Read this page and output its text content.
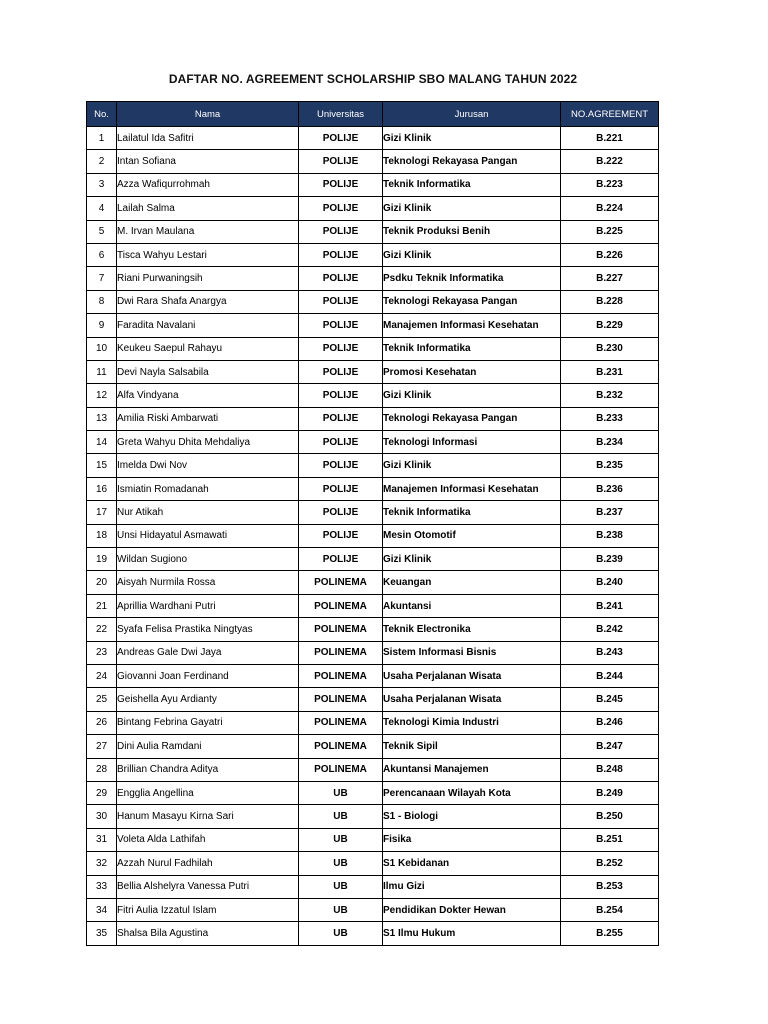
DAFTAR NO. AGREEMENT SCHOLARSHIP SBO MALANG TAHUN 2022
No.	Nama	Universitas	Jurusan	NO.AGREEMENT
1	Lailatul Ida Safitri	POLIJE	Gizi Klinik	B.221
2	Intan Sofiana	POLIJE	Teknologi Rekayasa Pangan	B.222
3	Azza Wafiqurrohmah	POLIJE	Teknik Informatika	B.223
4	Lailah Salma	POLIJE	Gizi Klinik	B.224
5	M. Irvan Maulana	POLIJE	Teknik Produksi Benih	B.225
6	Tisca Wahyu Lestari	POLIJE	Gizi Klinik	B.226
7	Riani Purwaningsih	POLIJE	Psdku Teknik Informatika	B.227
8	Dwi Rara Shafa Anargya	POLIJE	Teknologi Rekayasa Pangan	B.228
9	Faradita Navalani	POLIJE	Manajemen Informasi Kesehatan	B.229
10	Keukeu Saepul Rahayu	POLIJE	Teknik Informatika	B.230
11	Devi Nayla Salsabila	POLIJE	Promosi Kesehatan	B.231
12	Alfa Vindyana	POLIJE	Gizi Klinik	B.232
13	Amilia Riski Ambarwati	POLIJE	Teknologi Rekayasa Pangan	B.233
14	Greta Wahyu Dhita Mehdaliya	POLIJE	Teknologi Informasi	B.234
15	Imelda Dwi Nov	POLIJE	Gizi Klinik	B.235
16	Ismiatin Romadanah	POLIJE	Manajemen Informasi Kesehatan	B.236
17	Nur Atikah	POLIJE	Teknik Informatika	B.237
18	Unsi Hidayatul Asmawati	POLIJE	Mesin Otomotif	B.238
19	Wildan Sugiono	POLIJE	Gizi Klinik	B.239
20	Aisyah Nurmila Rossa	POLINEMA	Keuangan	B.240
21	Aprillia Wardhani Putri	POLINEMA	Akuntansi	B.241
22	Syafa Felisa Prastika Ningtyas	POLINEMA	Teknik Electronika	B.242
23	Andreas Gale Dwi Jaya	POLINEMA	Sistem Informasi Bisnis	B.243
24	Giovanni Joan Ferdinand	POLINEMA	Usaha Perjalanan Wisata	B.244
25	Geishella Ayu Ardianty	POLINEMA	Usaha Perjalanan Wisata	B.245
26	Bintang Febrina Gayatri	POLINEMA	Teknologi Kimia Industri	B.246
27	Dini Aulia Ramdani	POLINEMA	Teknik Sipil	B.247
28	Brillian Chandra Aditya	POLINEMA	Akuntansi Manajemen	B.248
29	Engglia Angellina	UB	Perencanaan Wilayah Kota	B.249
30	Hanum Masayu Kirna Sari	UB	S1 - Biologi	B.250
31	Voleta Alda Lathifah	UB	Fisika	B.251
32	Azzah Nurul Fadhilah	UB	S1 Kebidanan	B.252
33	Bellia Alshelyra Vanessa Putri	UB	Ilmu Gizi	B.253
34	Fitri Aulia Izzatul Islam	UB	Pendidikan Dokter Hewan	B.254
35	Shalsa Bila Agustina	UB	S1 Ilmu Hukum	B.255
